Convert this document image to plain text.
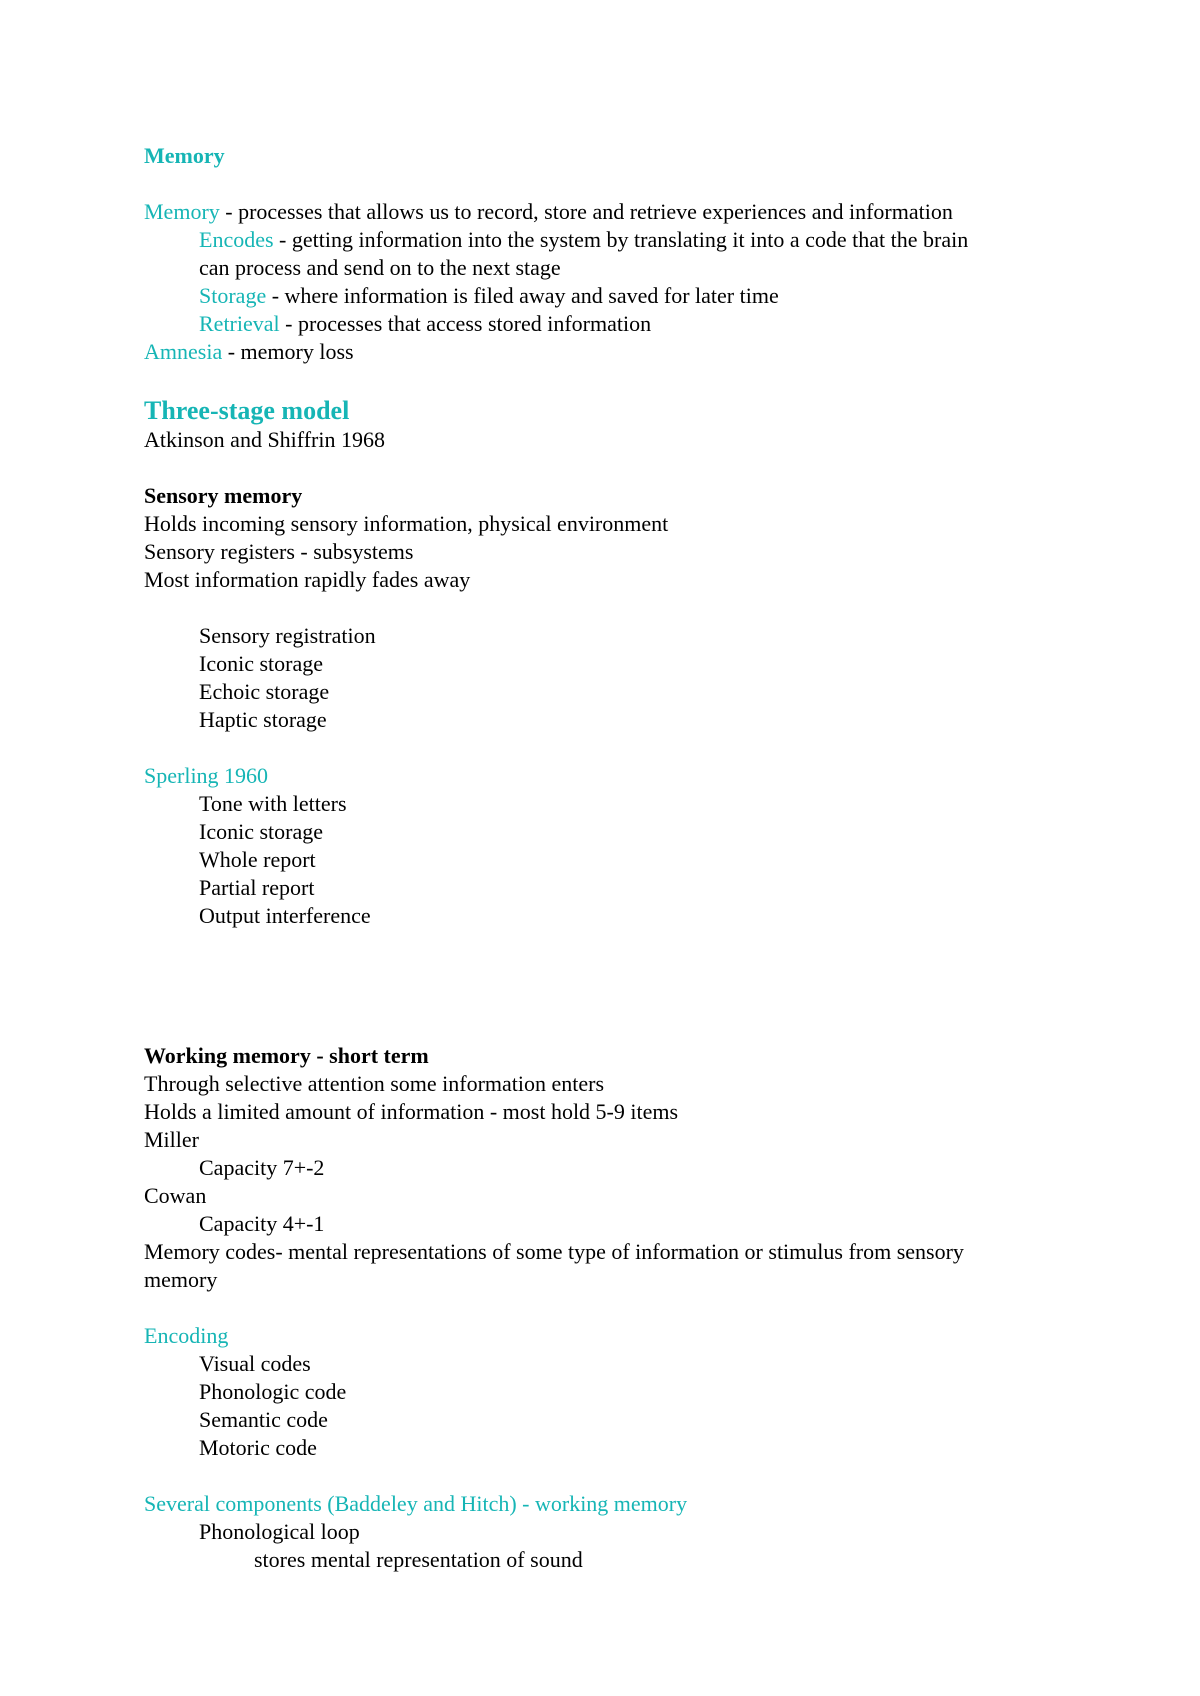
Memory
Memory - processes that allows us to record, store and retrieve experiences and information
Encodes - getting information into the system by translating it into a code that the brain
can process and send on to the next stage
Storage - where information is filed away and saved for later time
Retrieval - processes that access stored information
Amnesia - memory loss
Three-stage model
Atkinson and Shiffrin 1968
Sensory memory
Holds incoming sensory information, physical environment
Sensory registers - subsystems
Most information rapidly fades away
Sensory registration
Iconic storage
Echoic storage
Haptic storage
Sperling 1960
Tone with letters
Iconic storage
Whole report
Partial report
Output interference
Working memory - short term
Through selective attention some information enters
Holds a limited amount of information - most hold 5-9 items
Miller
Capacity 7+-2
Cowan
Capacity 4+-1
Memory codes- mental representations of some type of information or stimulus from sensory
memory
Encoding
Visual codes
Phonologic code
Semantic code
Motoric code
Several components (Baddeley and Hitch) - working memory
Phonological loop
stores mental representation of sound
